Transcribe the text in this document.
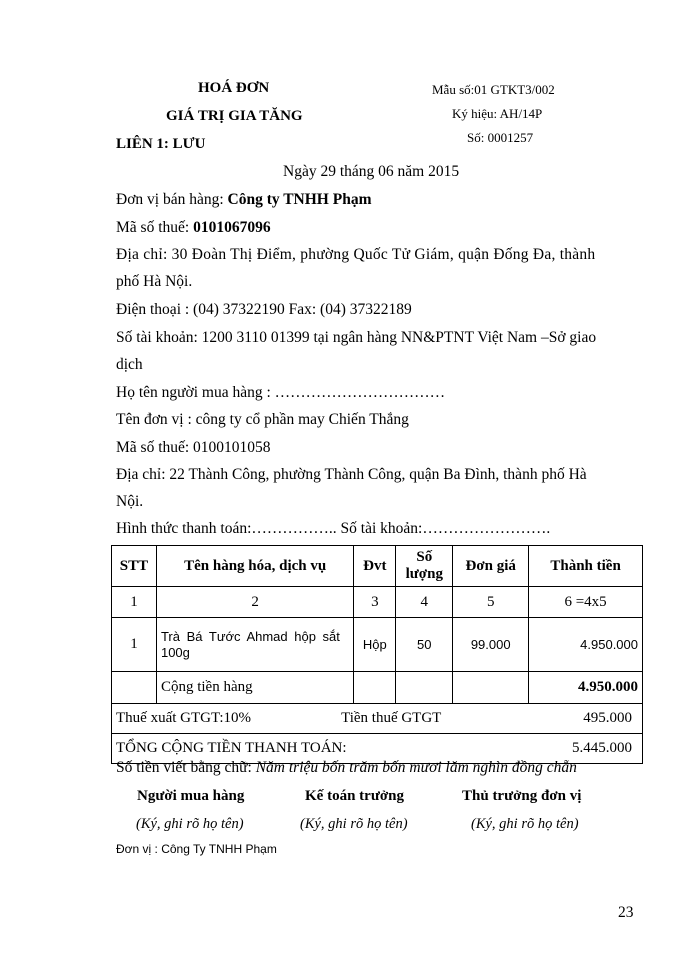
HOÁ ĐƠN
GIÁ TRỊ GIA TĂNG
LIÊN 1: LƯU
Mẫu số:01 GTKT3/002
Ký hiệu: AH/14P
Số: 0001257
Ngày 29 tháng 06 năm 2015
Đơn vị bán hàng: Công ty TNHH Phạm
Mã số thuế: 0101067096
Địa chỉ: 30 Đoàn Thị Điểm, phường Quốc Tử Giám, quận Đống Đa, thành
phố Hà Nội.
Điện thoại : (04) 37322190 Fax: (04) 37322189
Số tài khoản: 1200 3110 01399 tại ngân hàng NN&PTNT Việt Nam –Sở giao
dịch
Họ tên người mua hàng : ……………………………
Tên đơn vị : công ty cổ phần may Chiến Thắng
Mã số thuế: 0100101058
Địa chỉ: 22 Thành Công, phường Thành Công, quận Ba Đình, thành phố Hà
Nội.
Hình thức thanh toán:…………….. Số tài khoản:…………………….
STT	Tên hàng hóa, dịch vụ	Đvt	Số lượng	Đơn giá	Thành tiền
1	2	3	4	5	6 =4x5
1	Trà Bá Tước Ahmad hộp sắt 100g	Hộp	50	99.000	4.950.000
	Cộng tiền hàng				4.950.000

Thuế xuất GTGT:10% Tiền thuế GTGT 495.000					

TỔNG CỘNG TIỀN THANH TOÁN: 5.445.000					
Số tiền viết bằng chữ: Năm triệu bốn trăm bốn mươi lăm nghìn đồng chẵn
Người mua hàng	Kế toán trưởng	Thủ trưởng đơn vị
(Ký, ghi rõ họ tên)	(Ký, ghi rõ họ tên)	(Ký, ghi rõ họ tên)
Đơn vị : Công Ty TNHH Phạm
23
